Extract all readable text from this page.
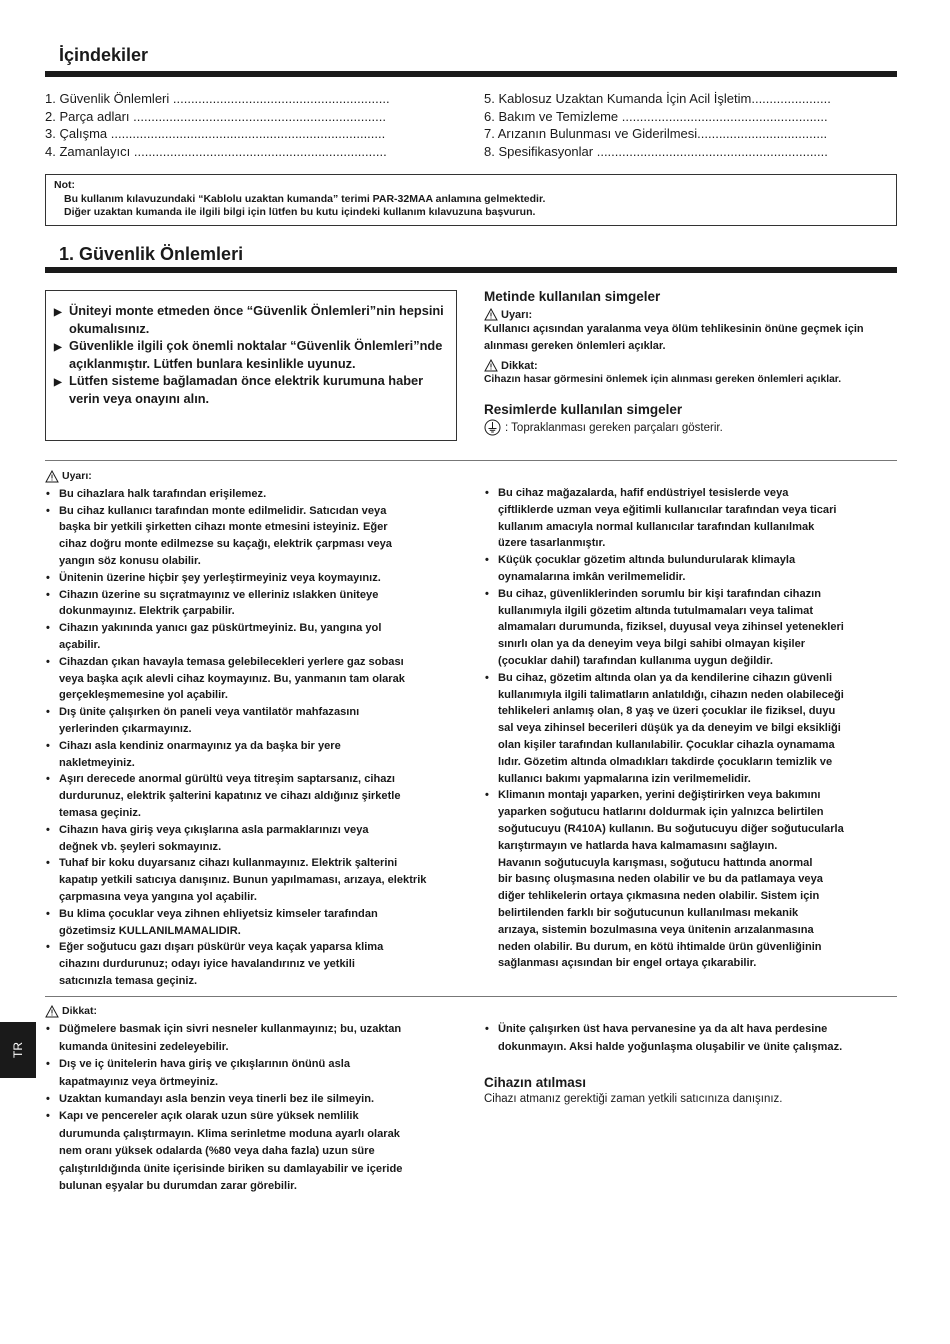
İçindekiler
1. Güvenlik Önlemleri ............................................................
2. Parça adları ......................................................................
3. Çalışma ............................................................................
4. Zamanlayıcı ......................................................................
5. Kablosuz Uzaktan Kumanda İçin Acil İşletim......................
6. Bakım ve Temizleme .........................................................
7. Arızanın Bulunması ve Giderilmesi....................................
8. Spesifikasyonlar ................................................................
Not:
Bu kullanım kılavuzundaki “Kablolu uzaktan kumanda” terimi PAR-32MAA anlamına gelmektedir.
Diğer uzaktan kumanda ile ilgili bilgi için lütfen bu kutu içindeki kullanım kılavuzuna başvurun.
1. Güvenlik Önlemleri
▶ Üniteyi monte etmeden önce “Güvenlik Önlemleri”nin hepsini okumalısınız.
▶ Güvenlikle ilgili çok önemli noktalar “Güvenlik Önlemleri”nde açıklanmıştır. Lütfen bunlara kesinlikle uyunuz.
▶ Lütfen sisteme bağlamadan önce elektrik kurumuna haber verin veya onayını alın.
Metinde kullanılan simgeler
Uyarı:
Kullanıcı açısından yaralanma veya ölüm tehlikesinin önüne geçmek için alınması gereken önlemleri açıklar.
Dikkat:
Cihazın hasar görmesini önlemek için alınması gereken önlemleri açıklar.
Resimlerde kullanılan simgeler
: Topraklanması gereken parçaları gösterir.
Uyarı:
• Bu cihazlara halk tarafından erişilemez.
• Bu cihaz kullanıcı tarafından monte edilmelidir. Satıcıdan veya
başka bir yetkili şirketten cihazı monte etmesini isteyiniz. Eğer
cihaz doğru monte edilmezse su kaçağı, elektrik çarpması veya
yangın söz konusu olabilir.
• Ünitenin üzerine hiçbir şey yerleştirmeyiniz veya koymayınız.
• Cihazın üzerine su sıçratmayınız ve elleriniz ıslakken üniteye
dokunmayınız. Elektrik çarpabilir.
• Cihazın yakınında yanıcı gaz püskürtmeyiniz. Bu, yangına yol
açabilir.
• Cihazdan çıkan havayla temasa gelebilecekleri yerlere gaz sobası
veya başka açık alevli cihaz koymayınız. Bu, yanmanın tam olarak
gerçekleşmemesine yol açabilir.
• Dış ünite çalışırken ön paneli veya vantilatör mahfazasını
yerlerinden çıkarmayınız.
• Cihazı asla kendiniz onarmayınız ya da başka bir yere
nakletmeyiniz.
• Aşırı derecede anormal gürültü veya titreşim saptarsanız, cihazı
durdurunuz, elektrik şalterini kapatınız ve cihazı aldığınız şirketle
temasa geçiniz.
• Cihazın hava giriş veya çıkışlarına asla parmaklarınızı veya
değnek vb. şeyleri sokmayınız.
• Tuhaf bir koku duyarsanız cihazı kullanmayınız. Elektrik şalterini
kapatıp yetkili satıcıya danışınız. Bunun yapılmaması, arızaya, elektrik
çarpmasına veya yangına yol açabilir.
• Bu klima çocuklar veya zihnen ehliyetsiz kimseler tarafından
gözetimsiz KULLANILMAMALIDIR.
• Eğer soğutucu gazı dışarı püskürür veya kaçak yaparsa klima
cihazını durdurunuz; odayı iyice havalandırınız ve yetkili
satıcınızla temasa geçiniz.
• Bu cihaz mağazalarda, hafif endüstriyel tesislerde veya
çiftliklerde uzman veya eğitimli kullanıcılar tarafından veya ticari
kullanım amacıyla normal kullanıcılar tarafından kullanılmak
üzere tasarlanmıştır.
• Küçük çocuklar gözetim altında bulundurularak klimayla
oynamalarına imkân verilmemelidir.
• Bu cihaz, güvenliklerinden sorumlu bir kişi tarafından cihazın
kullanımıyla ilgili gözetim altında tutulmamaları veya talimat
almamaları durumunda, fiziksel, duyusal veya zihinsel yetenekleri
sınırlı olan ya da deneyim veya bilgi sahibi olmayan kişiler
(çocuklar dahil) tarafından kullanıma uygun değildir.
• Bu cihaz, gözetim altında olan ya da kendilerine cihazın güvenli
kullanımıyla ilgili talimatların anlatıldığı, cihazın neden olabileceği
tehlikeleri anlamış olan, 8 yaş ve üzeri çocuklar ile fiziksel, duyu
sal veya zihinsel becerileri düşük ya da deneyim ve bilgi eksikliği
olan kişiler tarafından kullanılabilir. Çocuklar cihazla oynamama
lıdır. Gözetim altında olmadıkları takdirde çocukların temizlik ve
kullanıcı bakımı yapmalarına izin verilmemelidir.
• Klimanın montajı yaparken, yerini değiştirirken veya bakımını
yaparken soğutucu hatlarını doldurmak için yalnızca belirtilen
soğutucuyu (R410A) kullanın. Bu soğutucuyu diğer soğutucularla
karıştırmayın ve hatlarda hava kalmamasını sağlayın.
Havanın soğutucuyla karışması, soğutucu hattında anormal
bir basınç oluşmasına neden olabilir ve bu da patlamaya veya
diğer tehlikelerin ortaya çıkmasına neden olabilir. Sistem için
belirtilenden farklı bir soğutucunun kullanılması mekanik
arızaya, sistemin bozulmasına veya ünitenin arızalanmasına
neden olabilir. Bu durum, en kötü ihtimalde ürün güvenliğinin
sağlanması açısından bir engel ortaya çıkarabilir.
Dikkat:
• Düğmelere basmak için sivri nesneler kullanmayınız; bu, uzaktan
kumanda ünitesini zedeleyebilir.
• Dış ve iç ünitelerin hava giriş ve çıkışlarının önünü asla
kapatmayınız veya örtmeyiniz.
• Uzaktan kumandayı asla benzin veya tinerli bez ile silmeyin.
• Kapı ve pencereler açık olarak uzun süre yüksek nemlilik
durumunda çalıştırmayın. Klima serinletme moduna ayarlı olarak
nem oranı yüksek odalarda (%80 veya daha fazla) uzun süre
çalıştırıldığında ünite içerisinde biriken su damlayabilir ve içeride
bulunan eşyalar bu durumdan zarar görebilir.
• Ünite çalışırken üst hava pervanesine ya da alt hava perdesine
dokunmayın. Aksi halde yoğunlaşma oluşabilir ve ünite çalışmaz.
Cihazın atılması

Cihazı atmanız gerektiği zaman yetkili satıcınıza danışınız.

TR
